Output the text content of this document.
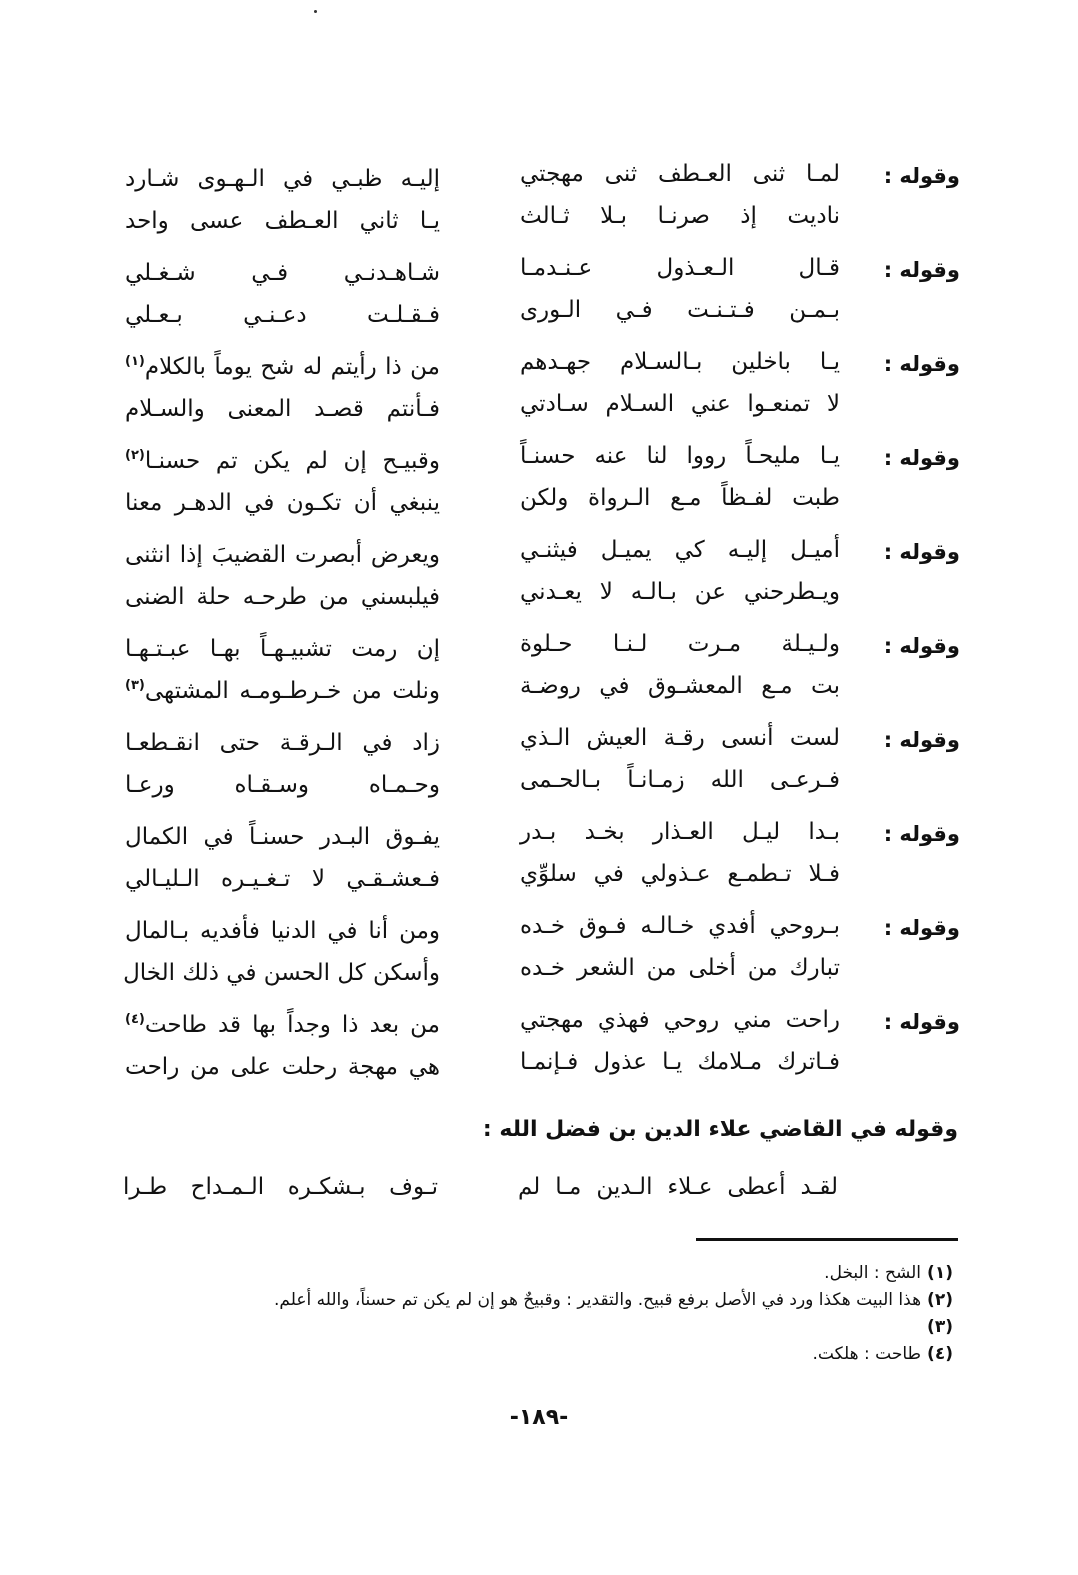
وقوله :
لمـا ثنى العـطف ثنى مهجتي
ناديت إذ صرنـا بـلا ثـالث
إليـه ظبـي في الـهـوى شـارد
يـا ثاني العـطف عسى واحد
وقوله :
قـال الـعـذول عـنـدمـا
بـمـن فـتـنـت فـي الـورى
شـاهـدنـي فـي شـغـلي
فـقـلـت دعـنـي بـعـلي
وقوله :
يـا باخلين بـالسـلام جهـدهم
لا تمنعـوا عني السـلام سـادتي
من ذا رأيتم له شح يوماً بالكلام$^{(١)}$
فـأنتم قصـد المعنى والسـلام
وقوله :
يـا مليحـاً رووا لنا عنه حسنـاً
طبت لفـظاً مـع الـرواة ولكن
وقبيـح إن لم يكن تم حسنـا$^{(٢)}$
ينبغي أن تكـون في الدهـر معنا
وقوله :
أميـل إليـه كي يميـل فيثنـي
ويـطرحني عن بـالـه لا يعـدني
ويعرض أبصرت القضيبَ إذا انثنى
فيلبسني من طرحـه حلة الضنى
وقوله :
ولـيـلة مـرت لـنـا حـلوة
بت مـع المعشـوق في روضـة
إن رمت تشبيـهـاً بهـا عبـتـهـا
ونلت من خـرطـومـه المشتهى$^{(٣)}$
وقوله :
لست أنسى رقـة العيش الـذي
فـرعـى الله زمـانـاً بـالحـمى
زاد في الـرقـة حتى انقـطعـا
وحـمـاه وسـقـاه ورعـا
وقوله :
بـدا ليـل العـذار بخـد بـدر
فـلا تـطمـع عـذولي في سلوِّي
يفـوق البـدر حسنـاً في الكمال
فـعشـقـي لا تـغـيـره الـليـالي
وقوله :
بـروحي أفدي خـالـه فـوق خـده
تبارك من أخلى من الشعر خـده
ومن أنا في الدنيا فأفديه بـالمال
وأسكن كل الحسن في ذلك الخال
وقوله :
راحت مني روحي فهذي مهجتي
فـاترك مـلامك يـا عذول فـإنمـا
من بعد ذا وجداً بها قد طاحت$^{(٤)}$
هي مهجة رحلت على من راحت
وقوله في القاضي علاء الدين بن فضل الله :
لقـد أعطى عـلاء الـدين مـا لم
تـوف بـشكـره الـمـداح طـرا
(١)الشح : البخل.
(٢)هذا البيت هكذا ورد في الأصل برفع قبيح. والتقدير : وقبيحٌ هو إن لم يكن تم حسناً، والله أعلم.
(٣)
(٤)طاحت : هلكت.
-١٨٩-
